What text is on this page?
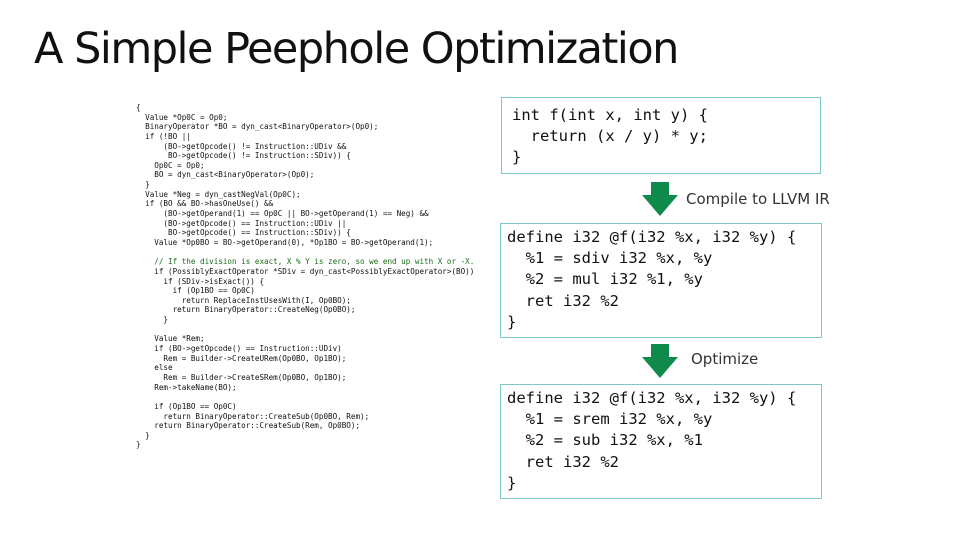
A Simple Peephole Optimization
{
Value *Op0C = Op0;
BinaryOperator *BO = dyn_cast<BinaryOperator>(Op0);
if (!BO ||
(BO->getOpcode() != Instruction::UDiv &&
BO->getOpcode() != Instruction::SDiv)) {
Op0C = Op0;
BO = dyn_cast<BinaryOperator>(Op0);
}
Value *Neg = dyn_castNegVal(Op0C);
if (BO && BO->hasOneUse() &&
(BO->getOperand(1) == Op0C || BO->getOperand(1) == Neg) &&
(BO->getOpcode() == Instruction::UDiv ||
BO->getOpcode() == Instruction::SDiv)) {
Value *Op0BO = BO->getOperand(0), *Op1BO = BO->getOperand(1);
// If the division is exact, X % Y is zero, so we end up with X or -X.
if (PossiblyExactOperator *SDiv = dyn_cast<PossiblyExactOperator>(BO))
if (SDiv->isExact()) {
if (Op1BO == Op0C)
return ReplaceInstUsesWith(I, Op0BO);
return BinaryOperator::CreateNeg(Op0BO);
}
Value *Rem;
if (BO->getOpcode() == Instruction::UDiv)
Rem = Builder->CreateURem(Op0BO, Op1BO);
else
Rem = Builder->CreateSRem(Op0BO, Op1BO);
Rem->takeName(BO);
if (Op1BO == Op0C)
return BinaryOperator::CreateSub(Op0BO, Rem);
return BinaryOperator::CreateSub(Rem, Op0BO);
}
}
int f(int x, int y) {
return (x / y) * y;
}
Compile to LLVM IR
define i32 @f(i32 %x, i32 %y) {
%1 = sdiv i32 %x, %y
%2 = mul i32 %1, %y
ret i32 %2
}
Optimize
define i32 @f(i32 %x, i32 %y) {
%1 = srem i32 %x, %y
%2 = sub i32 %x, %1
ret i32 %2
}
